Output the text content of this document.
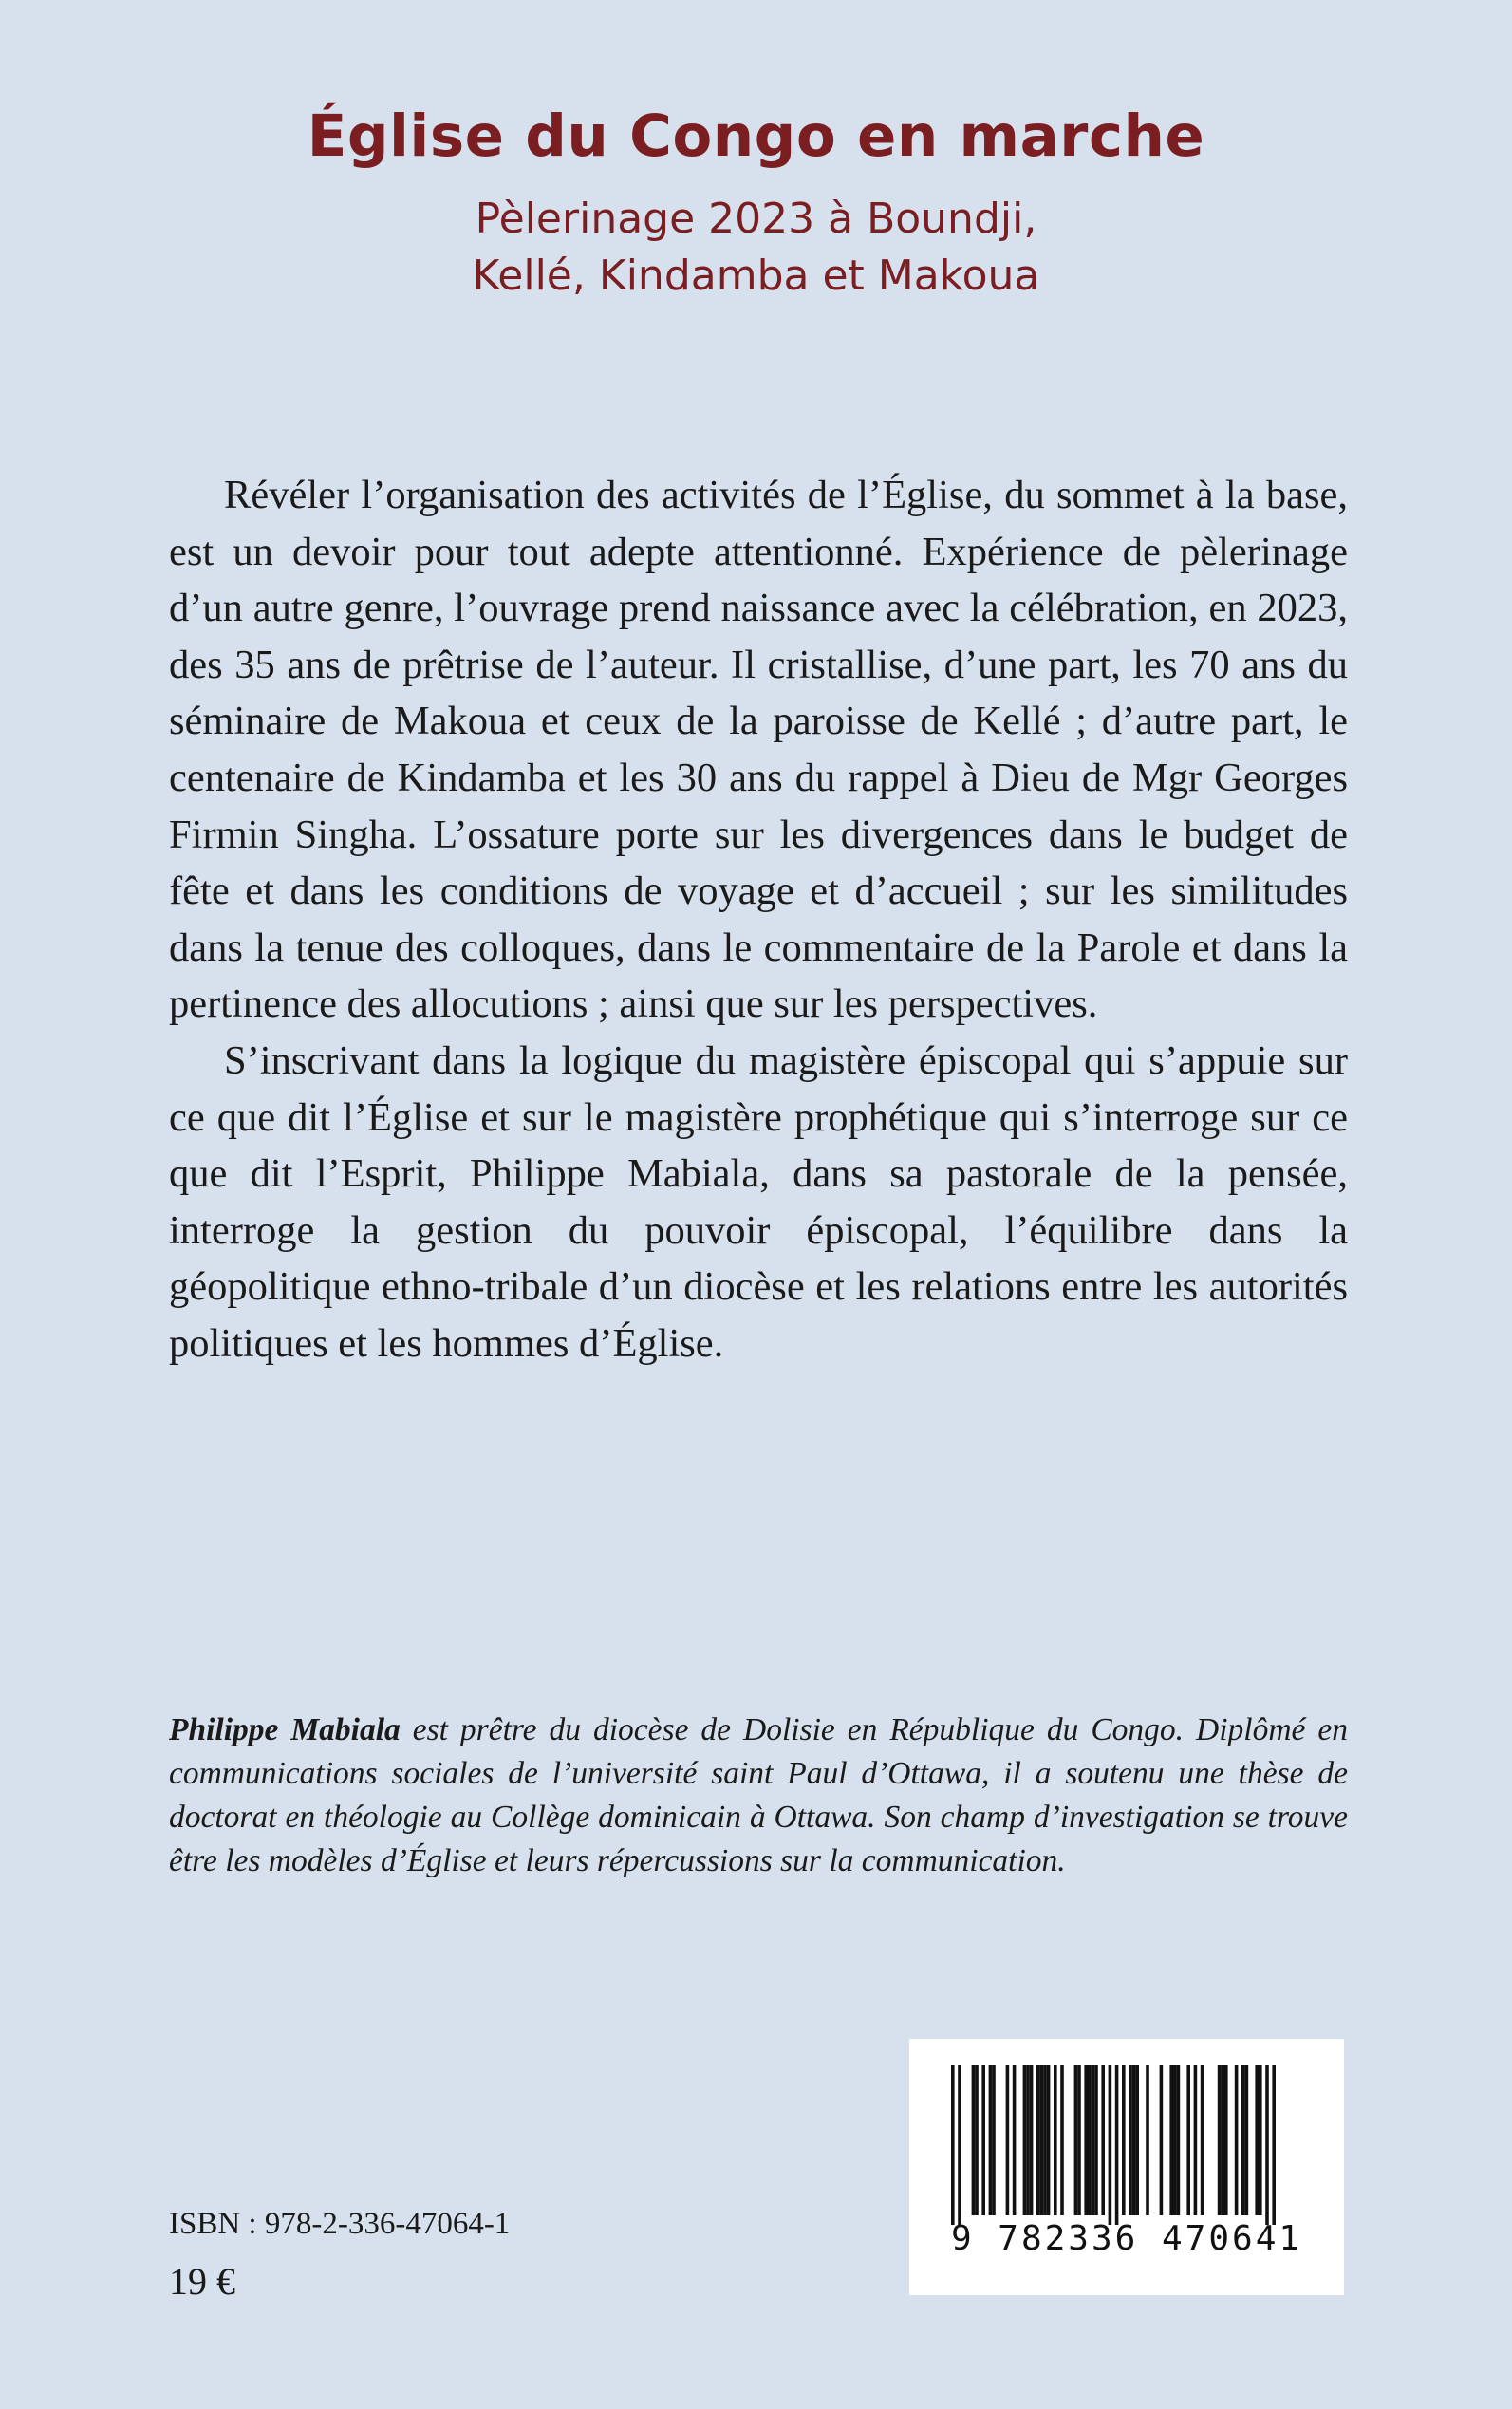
Église du Congo en marche
Pèlerinage 2023 à Boundji,
Kellé, Kindamba et Makoua

Révéler l’organisation des activités de l’Église, du sommet à la base, est un devoir pour tout adepte attentionné. Expérience de pèlerinage d’un autre genre, l’ouvrage prend naissance avec la célébration, en 2023, des 35 ans de prêtrise de l’auteur. Il cristallise, d’une part, les 70 ans du séminaire de Makoua et ceux de la paroisse de Kellé ; d’autre part, le centenaire de Kindamba et les 30 ans du rappel à Dieu de Mgr Georges Firmin Singha. L’ossature porte sur les divergences dans le budget de fête et dans les conditions de voyage et d’accueil ; sur les similitudes dans la tenue des colloques, dans le commentaire de la Parole et dans la pertinence des allocutions ; ainsi que sur les perspectives.

S’inscrivant dans la logique du magistère épiscopal qui s’appuie sur ce que dit l’Église et sur le magistère prophétique qui s’interroge sur ce que dit l’Esprit, Philippe Mabiala, dans sa pastorale de la pensée, interroge la gestion du pouvoir épiscopal, l’équilibre dans la géopolitique ethno-tribale d’un diocèse et les relations entre les autorités politiques et les hommes d’Église.

Philippe Mabiala est prêtre du diocèse de Dolisie en République du Congo. Diplômé en communications sociales de l’université saint Paul d’Ottawa, il a soutenu une thèse de doctorat en théologie au Collège dominicain à Ottawa. Son champ d’investigation se trouve être les modèles d’Église et leurs répercussions sur la communication.
ISBN : 978-2-336-47064-1
19 €
9 782336 470641
